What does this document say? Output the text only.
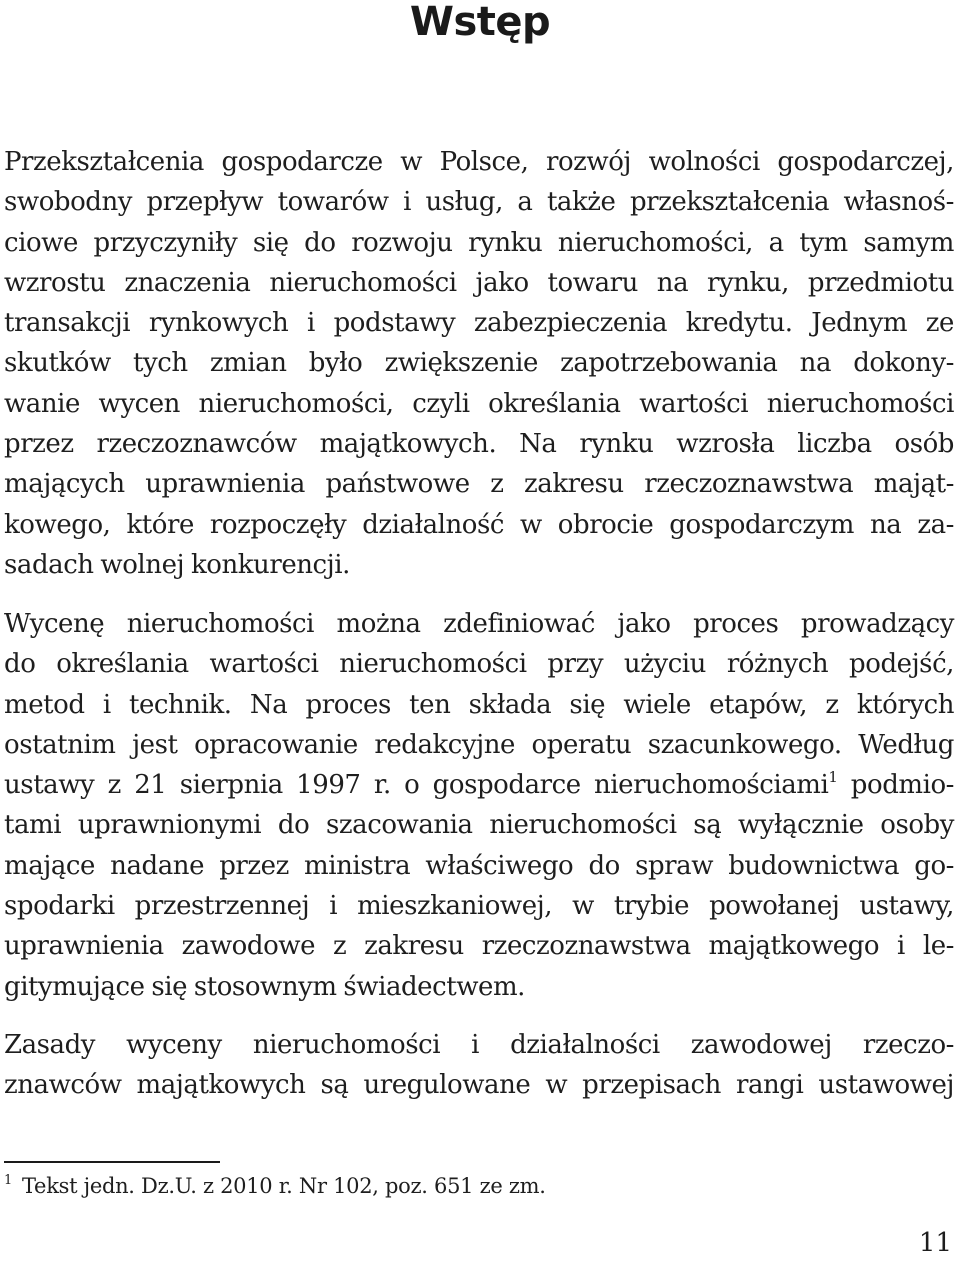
Wstęp
Przekształcenia gospodarcze w Polsce, rozwój wolności gospodarczej,
swobodny przepływ towarów i usług, a także przekształcenia własnoś-
ciowe przyczyniły się do rozwoju rynku nieruchomości, a tym samym
wzrostu znaczenia nieruchomości jako towaru na rynku, przedmiotu
transakcji rynkowych i podstawy zabezpieczenia kredytu. Jednym ze
skutków tych zmian było zwiększenie zapotrzebowania na dokony-
wanie wycen nieruchomości, czyli określania wartości nieruchomości
przez rzeczoznawców majątkowych. Na rynku wzrosła liczba osób
mających uprawnienia państwowe z zakresu rzeczoznawstwa mająt-
kowego, które rozpoczęły działalność w obrocie gospodarczym na za-
sadach wolnej konkurencji.
Wycenę nieruchomości można zdefiniować jako proces prowadzący
do określania wartości nieruchomości przy użyciu różnych podejść,
metod i technik. Na proces ten składa się wiele etapów, z których
ostatnim jest opracowanie redakcyjne operatu szacunkowego. Według
ustawy z 21 sierpnia 1997 r. o gospodarce nieruchomościami$^1$ podmio-
tami uprawnionymi do szacowania nieruchomości są wyłącznie osoby
mające nadane przez ministra właściwego do spraw budownictwa go-
spodarki przestrzennej i mieszkaniowej, w trybie powołanej ustawy,
uprawnienia zawodowe z zakresu rzeczoznawstwa majątkowego i le-
gitymujące się stosownym świadectwem.
Zasady wyceny nieruchomości i działalności zawodowej rzeczo-
znawców majątkowych są uregulowane w przepisach rangi ustawowej
$^1$ Tekst jedn. Dz.U. z 2010 r. Nr 102, poz. 651 ze zm.
11
